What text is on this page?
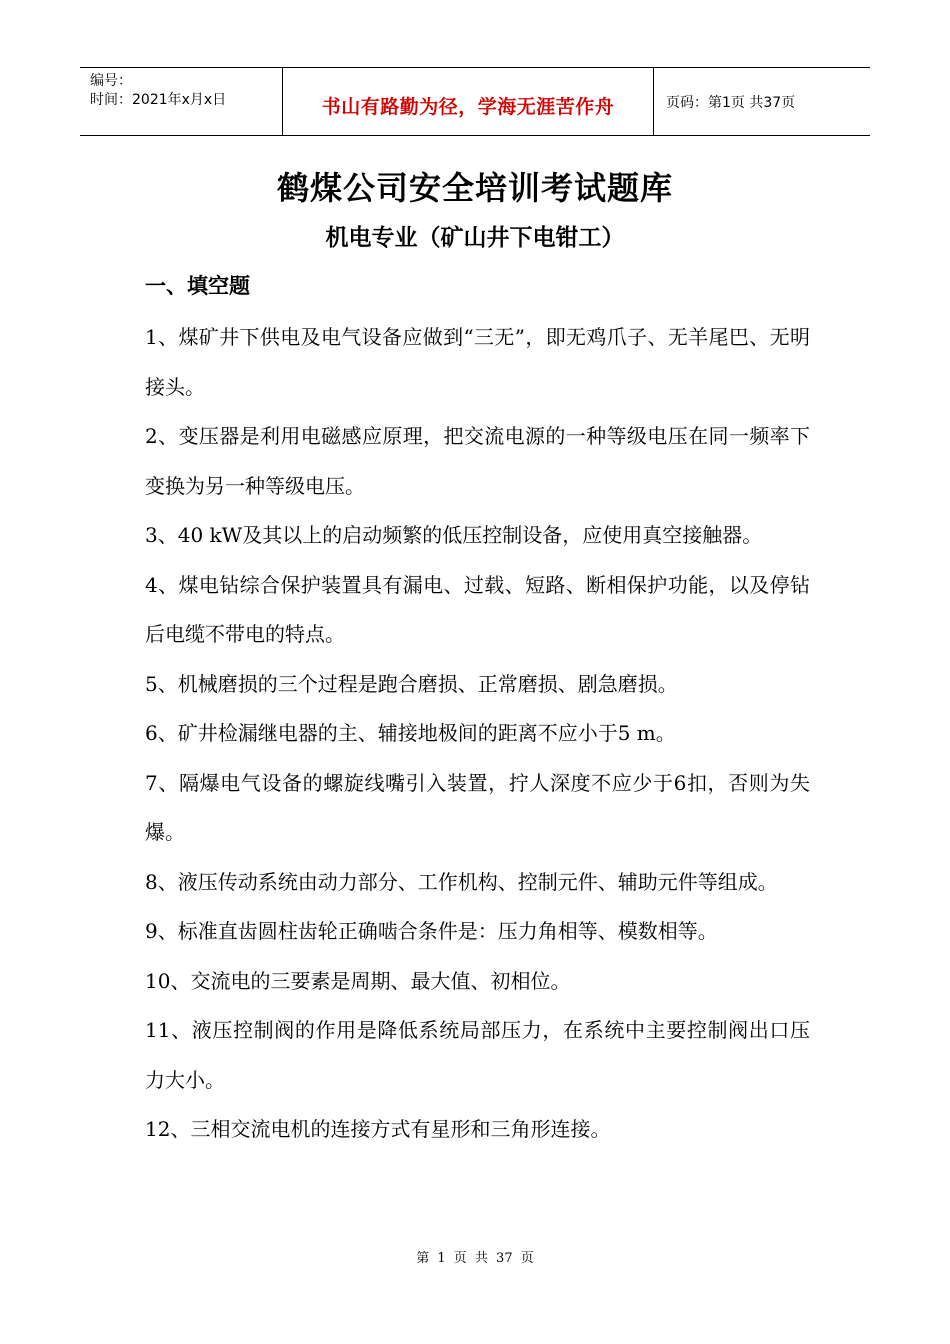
编号：
时间：2021年x月x日	书山有路勤为径，学海无涯苦作舟	页码：第1页 共37页
鹤煤公司安全培训考试题库
机电专业（矿山井下电钳工）
一、填空题

1、煤矿井下供电及电气设备应做到“三无”，即无鸡爪子、无羊尾巴、无明接头。

2、变压器是利用电磁感应原理，把交流电源的一种等级电压在同一频率下变换为另一种等级电压。

3、40 kW及其以上的启动频繁的低压控制设备，应使用真空接触器。

4、煤电钻综合保护装置具有漏电、过载、短路、断相保护功能，以及停钻后电缆不带电的特点。

5、机械磨损的三个过程是跑合磨损、正常磨损、剧急磨损。

6、矿井检漏继电器的主、辅接地极间的距离不应小于5 m。

7、隔爆电气设备的螺旋线嘴引入装置，拧人深度不应少于6扣，否则为失爆。

8、液压传动系统由动力部分、工作机构、控制元件、辅助元件等组成。

9、标准直齿圆柱齿轮正确啮合条件是：压力角相等、模数相等。

10、交流电的三要素是周期、最大值、初相位。

11、液压控制阀的作用是降低系统局部压力，在系统中主要控制阀出口压力大小。

12、三相交流电机的连接方式有星形和三角形连接。

第 1 页 共 37 页
